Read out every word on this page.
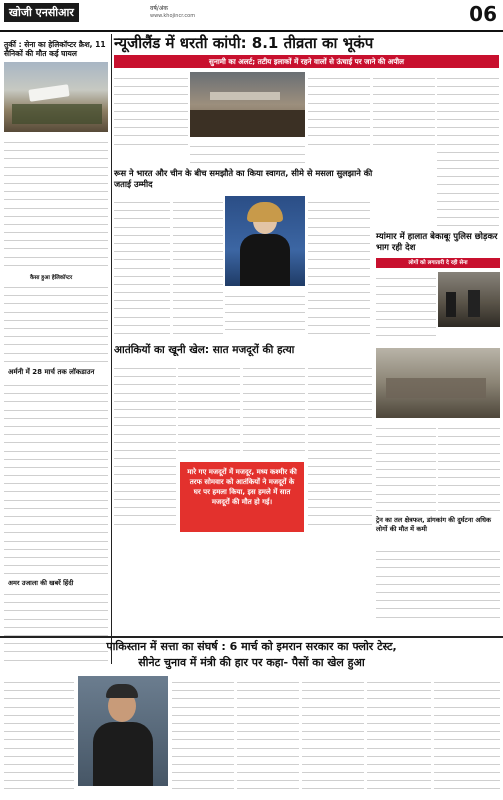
खोजी एनसीआर	वर्ष/अंक
www.khojincr.com	06
तुर्की : सेना का हेलिकॉप्टर क्रैश, 11 सैनिकों की मौत कई घायल
कैसा हुआ हेलिकॉप्टर
अर्मनी में 28 मार्च तक लॉकडाउन
अमर उजाला की खबरें हिंदी
न्यूजीलैंड में धरती कांपी: 8.1 तीव्रता का भूकंप
सुनामी का अलर्ट; तटीय इलाकों में रहने वालों से ऊंचाई पर जाने की अपील
रूस ने भारत और चीन के बीच समझौते का किया स्वागत, सीमे से मसला सुलझाने की जताई उम्मीद
म्यांमार में हालात बेकाबूः पुलिस छोड़कर भाग रही देश
लोगों को लगातारी दे रही सेना
आतंकियों का खूनी खेल: सात मजदूरों की हत्या
मारे गए मजदूरों में मजदूर, मध्य कश्मीर की तरफ सोमवार को आतंकियों ने मजदूरों के घर पर हमला किया, इस हमले में सात मजदूरों की मौत हो गई।
ट्रेन का तल क्षेत्रफल, डांगकांग की दुर्घटना अधिक लोगों की मौत में कमी
पाकिस्तान में सत्ता का संघर्ष : 6 मार्च को इमरान सरकार का फ्लोर टेस्ट,
सीनेट चुनाव में मंत्री की हार पर कहा- पैसों का खेल हुआ
